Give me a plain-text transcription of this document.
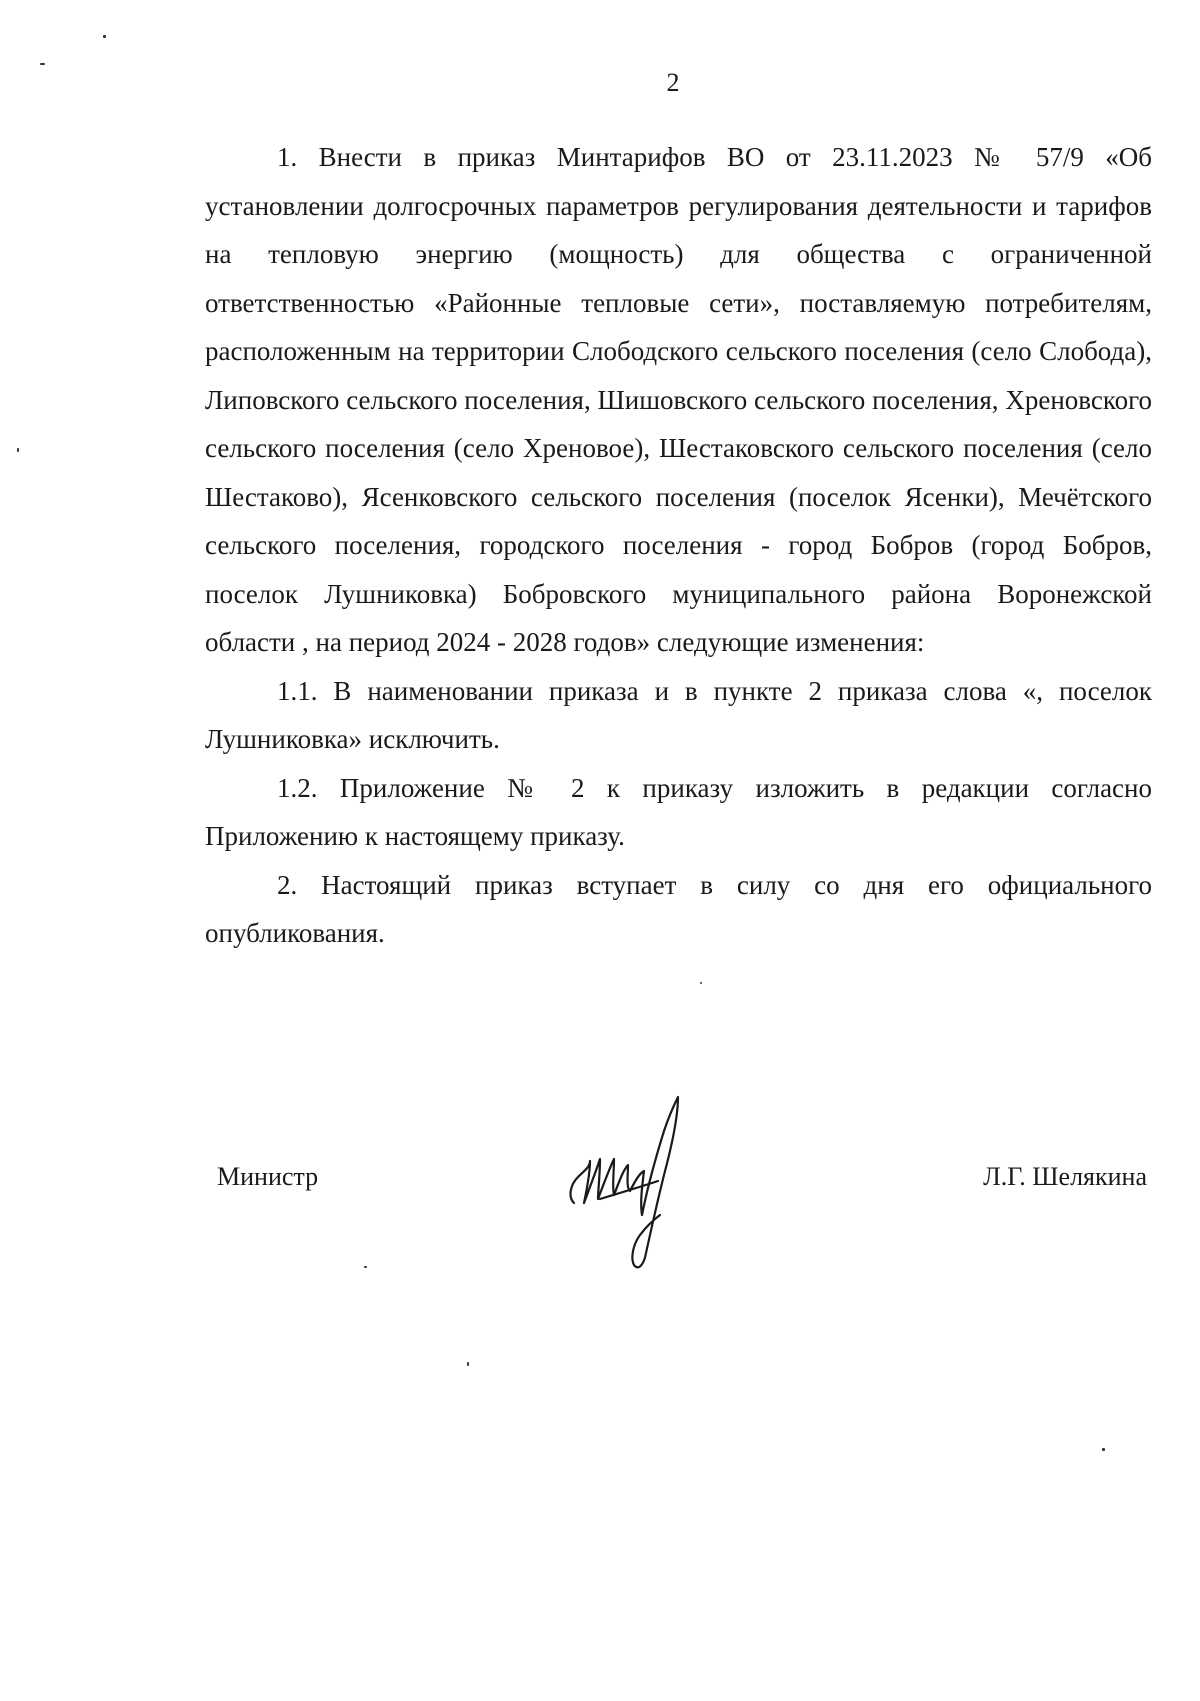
2

1. Внести в приказ Минтарифов ВО от 23.11.2023 № 57/9 «Об установлении долгосрочных параметров регулирования деятельности и тарифов на тепловую энергию (мощность) для общества с ограниченной ответственностью «Районные тепловые сети», поставляемую потребителям, расположенным на территории Слободского сельского поселения (село Слобода), Липовского сельского поселения, Шишовского сельского поселения, Хреновского сельского поселения (село Хреновое), Шестаковского сельского поселения (село Шестаково), Ясенковского сельского поселения (поселок Ясенки), Мечётского сельского поселения, городского поселения - город Бобров (город Бобров, поселок Лушниковка) Бобровского муниципального района Воронежской области , на период 2024 - 2028 годов» следующие изменения:

1.1. В наименовании приказа и в пункте 2 приказа слова «, поселок Лушниковка» исключить.

1.2. Приложение № 2 к приказу изложить в редакции согласно Приложению к настоящему приказу.

2. Настоящий приказ вступает в силу со дня его официального опубликования.

Министр	Л.Г. Шелякина
